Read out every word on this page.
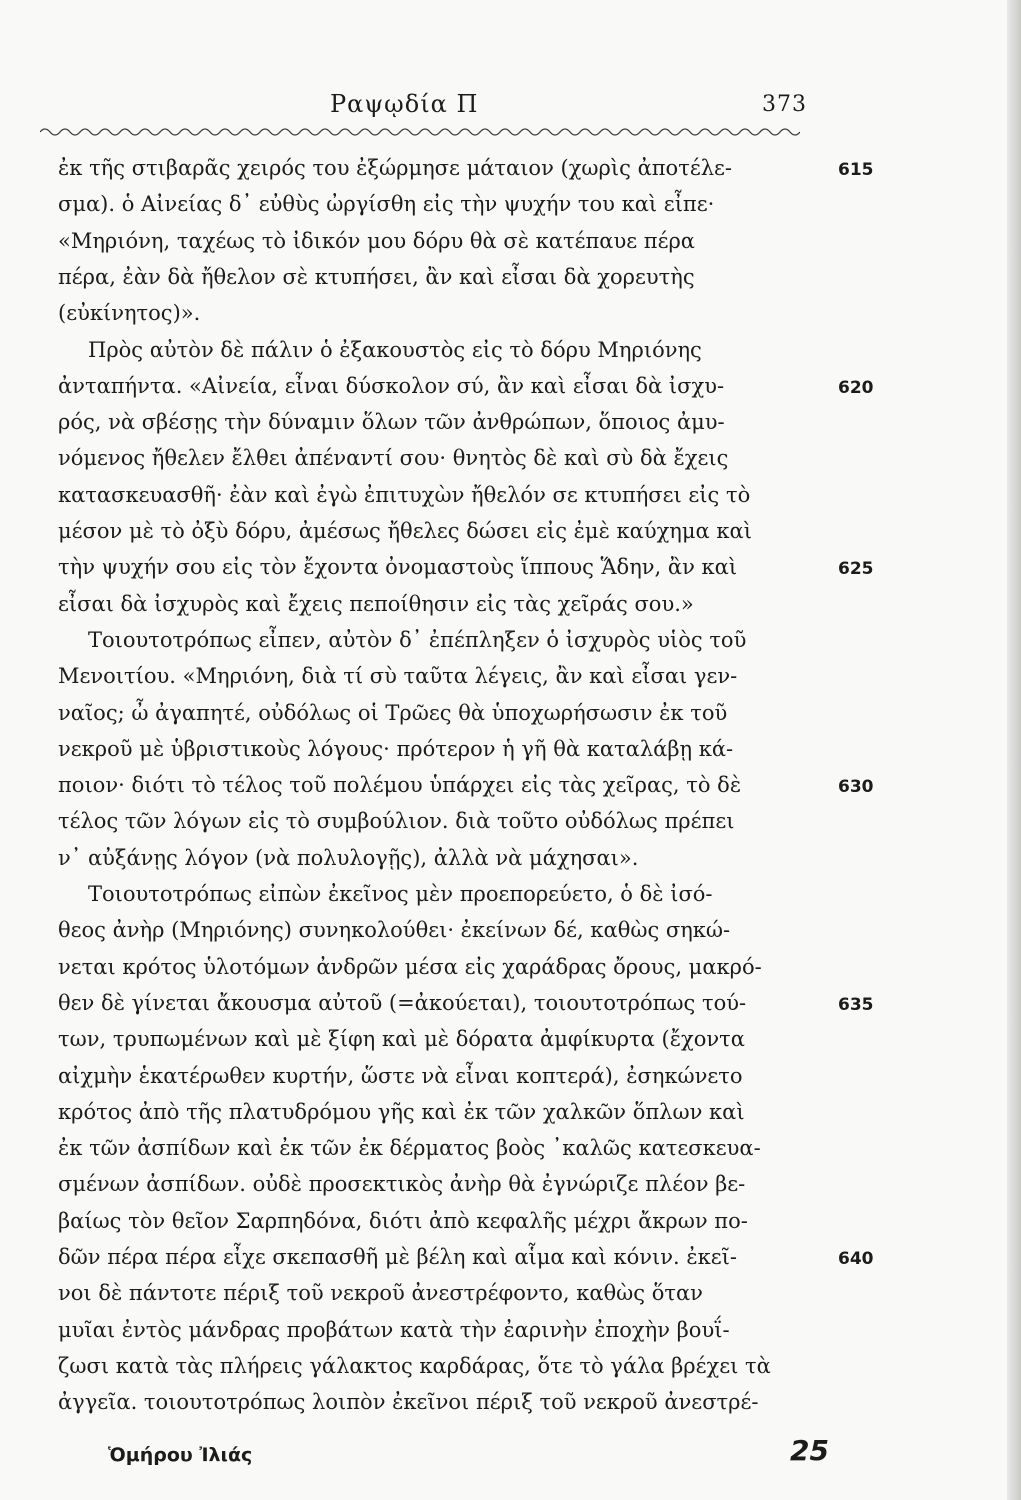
Ραψῳδία Π	373
ἐκ τῆς στιβαρᾶς χειρός του ἐξώρμησε μάταιον (χωρὶς ἀποτέλε-
σμα). ὁ Αἰνείας δ᾽ εὐθὺς ὠργίσθη εἰς τὴν ψυχήν του καὶ εἶπε·
«Μηριόνη, ταχέως τὸ ἰδικόν μου δόρυ θὰ σὲ κατέπαυε πέρα
πέρα, ἐὰν δὰ ἤθελον σὲ κτυπήσει, ἂν καὶ εἶσαι δὰ χορευτὴς
(εὐκίνητος)».
Πρὸς αὐτὸν δὲ πάλιν ὁ ἐξακουστὸς εἰς τὸ δόρυ Μηριόνης
ἀνταπήντα. «Αἰνεία, εἶναι δύσκολον σύ, ἂν καὶ εἶσαι δὰ ἰσχυ-
ρός, νὰ σβέσῃς τὴν δύναμιν ὅλων τῶν ἀνθρώπων, ὅποιος ἀμυ-
νόμενος ἤθελεν ἔλθει ἀπέναντί σου· θνητὸς δὲ καὶ σὺ δὰ ἔχεις
κατασκευασθῆ· ἐὰν καὶ ἐγὼ ἐπιτυχὼν ἤθελόν σε κτυπήσει εἰς τὸ
μέσον μὲ τὸ ὀξὺ δόρυ, ἀμέσως ἤθελες δώσει εἰς ἐμὲ καύχημα καὶ
τὴν ψυχήν σου εἰς τὸν ἔχοντα ὀνομαστοὺς ἵππους Ἅδην, ἂν καὶ
εἶσαι δὰ ἰσχυρὸς καὶ ἔχεις πεποίθησιν εἰς τὰς χεῖράς σου.»
Τοιουτοτρόπως εἶπεν, αὐτὸν δ᾽ ἐπέπληξεν ὁ ἰσχυρὸς υἱὸς τοῦ
Μενοιτίου. «Μηριόνη, διὰ τί σὺ ταῦτα λέγεις, ἂν καὶ εἶσαι γεν-
ναῖος; ὦ ἀγαπητέ, οὐδόλως οἱ Τρῶες θὰ ὑποχωρήσωσιν ἐκ τοῦ
νεκροῦ μὲ ὑβριστικοὺς λόγους· πρότερον ἡ γῆ θὰ καταλάβῃ κά-
ποιον· διότι τὸ τέλος τοῦ πολέμου ὑπάρχει εἰς τὰς χεῖρας, τὸ δὲ
τέλος τῶν λόγων εἰς τὸ συμβούλιον. διὰ τοῦτο οὐδόλως πρέπει
ν᾽ αὐξάνῃς λόγον (νὰ πολυλογῇς), ἀλλὰ νὰ μάχησαι».
Τοιουτοτρόπως εἰπὼν ἐκεῖνος μὲν προεπορεύετο, ὁ δὲ ἰσό-
θεος ἀνὴρ (Μηριόνης) συνηκολούθει· ἐκείνων δέ, καθὼς σηκώ-
νεται κρότος ὑλοτόμων ἀνδρῶν μέσα εἰς χαράδρας ὄρους, μακρό-
θεν δὲ γίνεται ἄκουσμα αὐτοῦ (=ἀκούεται), τοιουτοτρόπως τού-
των, τρυπωμένων καὶ μὲ ξίφη καὶ μὲ δόρατα ἀμφίκυρτα (ἔχοντα
αἰχμὴν ἑκατέρωθεν κυρτήν, ὥστε νὰ εἶναι κοπτερά), ἐσηκώνετο
κρότος ἀπὸ τῆς πλατυδρόμου γῆς καὶ ἐκ τῶν χαλκῶν ὅπλων καὶ
ἐκ τῶν ἀσπίδων καὶ ἐκ τῶν ἐκ δέρματος βοὸς ᾿καλῶς κατεσκευα-
σμένων ἀσπίδων. οὐδὲ προσεκτικὸς ἀνὴρ θὰ ἐγνώριζε πλέον βε-
βαίως τὸν θεῖον Σαρπηδόνα, διότι ἀπὸ κεφαλῆς μέχρι ἄκρων πο-
δῶν πέρα πέρα εἶχε σκεπασθῆ μὲ βέλη καὶ αἷμα καὶ κόνιν. ἐκεῖ-
νοι δὲ πάντοτε πέριξ τοῦ νεκροῦ ἀνεστρέφοντο, καθὼς ὅταν
μυῖαι ἐντὸς μάνδρας προβάτων κατὰ τὴν ἐαρινὴν ἐποχὴν βουΐ-
ζωσι κατὰ τὰς πλήρεις γάλακτος καρδάρας, ὅτε τὸ γάλα βρέχει τὰ
ἀγγεῖα. τοιουτοτρόπως λοιπὸν ἐκεῖνοι πέριξ τοῦ νεκροῦ ἀνεστρέ-
615
620
625
630
635
640
Ὁμήρου Ἰλιάς	25
